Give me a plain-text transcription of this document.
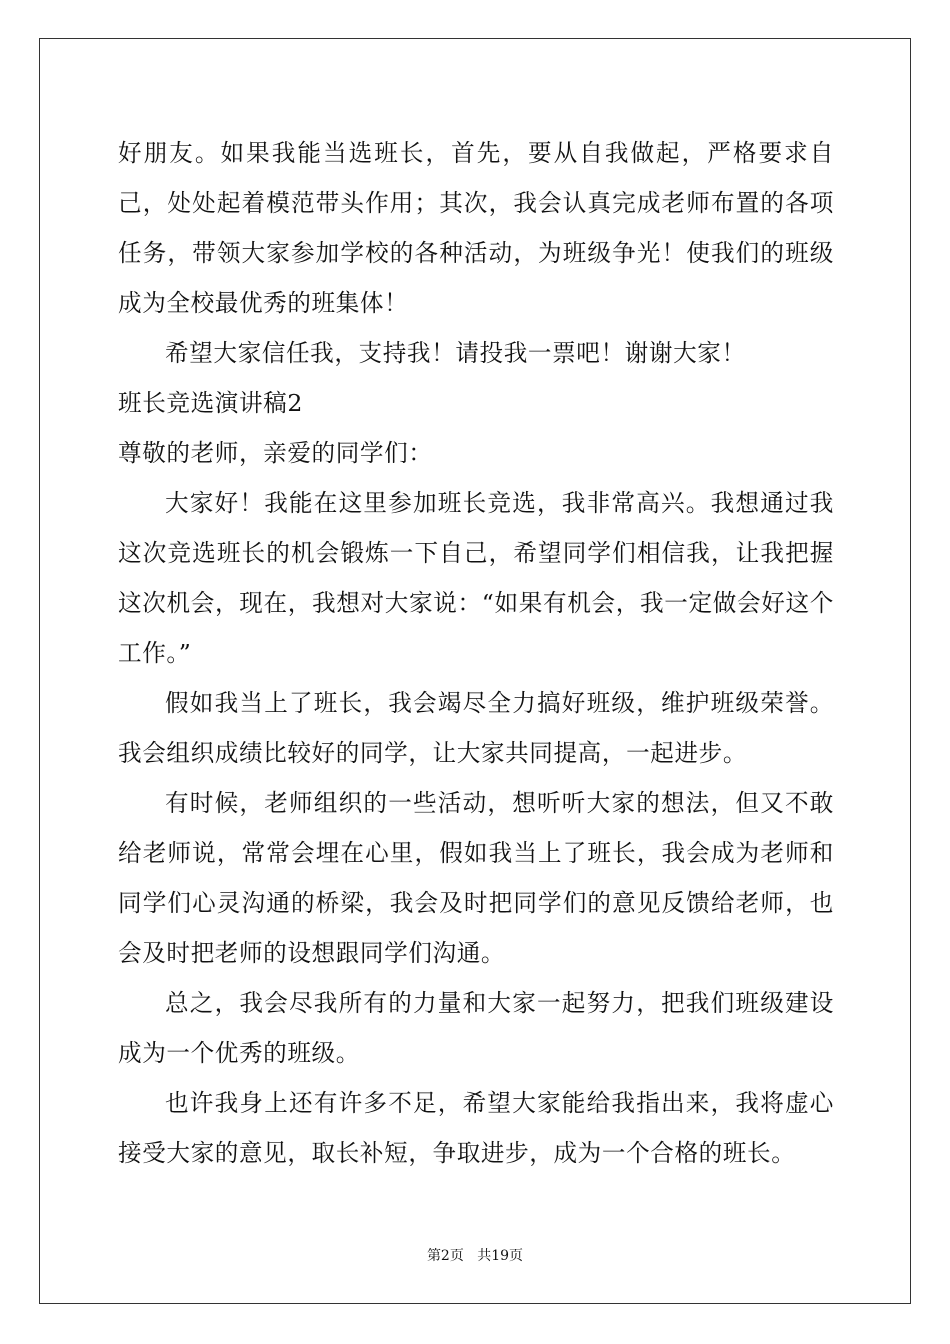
好朋友。如果我能当选班长，首先，要从自我做起，严格要求自己，处处起着模范带头作用；其次，我会认真完成老师布置的各项任务，带领大家参加学校的各种活动，为班级争光！使我们的班级成为全校最优秀的班集体！

希望大家信任我，支持我！请投我一票吧！谢谢大家！

班长竞选演讲稿2

尊敬的老师，亲爱的同学们：

大家好！我能在这里参加班长竞选，我非常高兴。我想通过我这次竞选班长的机会锻炼一下自己，希望同学们相信我，让我把握这次机会，现在，我想对大家说：“如果有机会，我一定做会好这个工作。”

假如我当上了班长，我会竭尽全力搞好班级，维护班级荣誉。我会组织成绩比较好的同学，让大家共同提高，一起进步。

有时候，老师组织的一些活动，想听听大家的想法，但又不敢给老师说，常常会埋在心里，假如我当上了班长，我会成为老师和同学们心灵沟通的桥梁，我会及时把同学们的意见反馈给老师，也会及时把老师的设想跟同学们沟通。

总之，我会尽我所有的力量和大家一起努力，把我们班级建设成为一个优秀的班级。

也许我身上还有许多不足，希望大家能给我指出来，我将虚心接受大家的意见，取长补短，争取进步，成为一个合格的班长。

第2页 共19页
